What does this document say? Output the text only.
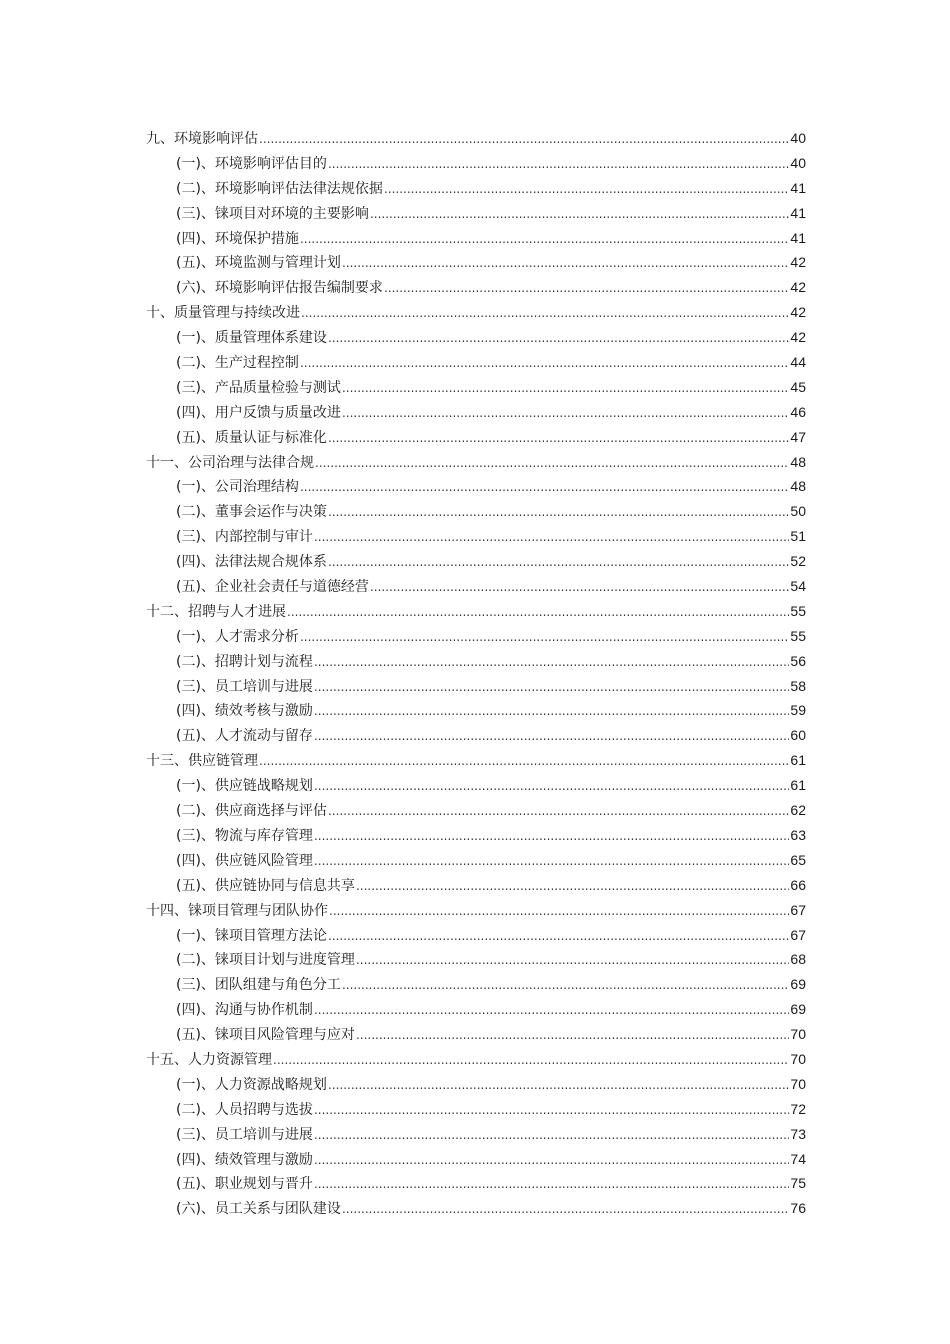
九、环境影响评估 .....	40
(一)、环境影响评估目的 .....	40
(二)、环境影响评估法律法规依据 .....	41
(三)、铼项目对环境的主要影响 .....	41
(四)、环境保护措施 .....	41
(五)、环境监测与管理计划 .....	42
(六)、环境影响评估报告编制要求 .....	42
十、质量管理与持续改进 .....	42
(一)、质量管理体系建设 .....	42
(二)、生产过程控制 .....	44
(三)、产品质量检验与测试 .....	45
(四)、用户反馈与质量改进 .....	46
(五)、质量认证与标准化 .....	47
十一、公司治理与法律合规 .....	48
(一)、公司治理结构 .....	48
(二)、董事会运作与决策 .....	50
(三)、内部控制与审计 .....	51
(四)、法律法规合规体系 .....	52
(五)、企业社会责任与道德经营 .....	54
十二、招聘与人才进展 .....	55
(一)、人才需求分析 .....	55
(二)、招聘计划与流程 .....	56
(三)、员工培训与进展 .....	58
(四)、绩效考核与激励 .....	59
(五)、人才流动与留存 .....	60
十三、供应链管理 .....	61
(一)、供应链战略规划 .....	61
(二)、供应商选择与评估 .....	62
(三)、物流与库存管理 .....	63
(四)、供应链风险管理 .....	65
(五)、供应链协同与信息共享 .....	66
十四、铼项目管理与团队协作 .....	67
(一)、铼项目管理方法论 .....	67
(二)、铼项目计划与进度管理 .....	68
(三)、团队组建与角色分工 .....	69
(四)、沟通与协作机制 .....	69
(五)、铼项目风险管理与应对 .....	70
十五、人力资源管理 .....	70
(一)、人力资源战略规划 .....	70
(二)、人员招聘与选拔 .....	72
(三)、员工培训与进展 .....	73
(四)、绩效管理与激励 .....	74
(五)、职业规划与晋升 .....	75
(六)、员工关系与团队建设 .....	76
